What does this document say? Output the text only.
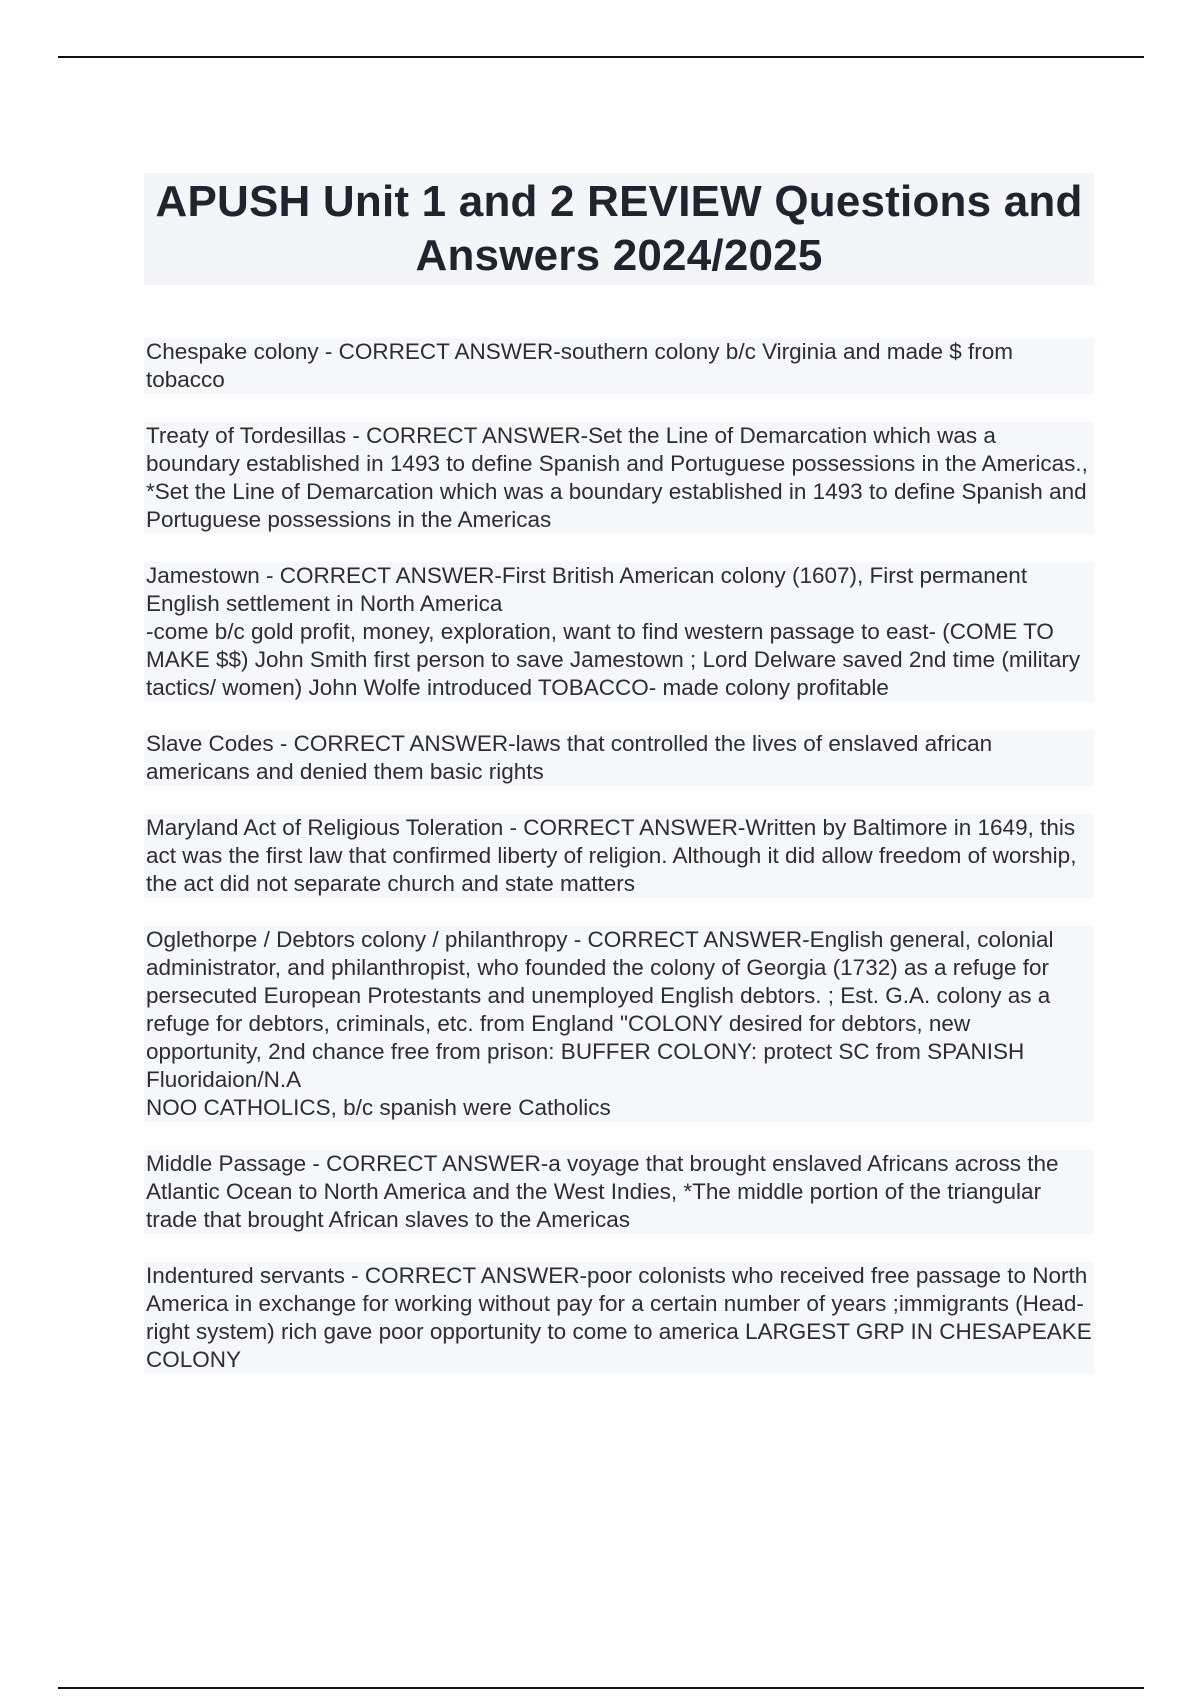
APUSH Unit 1 and 2 REVIEW Questions and Answers 2024/2025

Chespake colony - CORRECT ANSWER-southern colony b/c Virginia and made $ from tobacco

Treaty of Tordesillas - CORRECT ANSWER-Set the Line of Demarcation which was a boundary established in 1493 to define Spanish and Portuguese possessions in the Americas., *Set the Line of Demarcation which was a boundary established in 1493 to define Spanish and Portuguese possessions in the Americas

Jamestown - CORRECT ANSWER-First British American colony (1607), First permanent English settlement in North America
-come b/c gold profit, money, exploration, want to find western passage to east- (COME TO MAKE $$) John Smith first person to save Jamestown ; Lord Delware saved 2nd time (military tactics/ women) John Wolfe introduced TOBACCO- made colony profitable

Slave Codes - CORRECT ANSWER-laws that controlled the lives of enslaved african americans and denied them basic rights

Maryland Act of Religious Toleration - CORRECT ANSWER-Written by Baltimore in 1649, this act was the first law that confirmed liberty of religion. Although it did allow freedom of worship, the act did not separate church and state matters

Oglethorpe / Debtors colony / philanthropy - CORRECT ANSWER-English general, colonial administrator, and philanthropist, who founded the colony of Georgia (1732) as a refuge for persecuted European Protestants and unemployed English debtors. ; Est. G.A. colony as a refuge for debtors, criminals, etc. from England "COLONY desired for debtors, new opportunity, 2nd chance free from prison: BUFFER COLONY: protect SC from SPANISH Fluoridaion/N.A
NOO CATHOLICS, b/c spanish were Catholics

Middle Passage - CORRECT ANSWER-a voyage that brought enslaved Africans across the Atlantic Ocean to North America and the West Indies, *The middle portion of the triangular trade that brought African slaves to the Americas

Indentured servants - CORRECT ANSWER-poor colonists who received free passage to North America in exchange for working without pay for a certain number of years ;immigrants (Head-right system) rich gave poor opportunity to come to america LARGEST GRP IN CHESAPEAKE COLONY
